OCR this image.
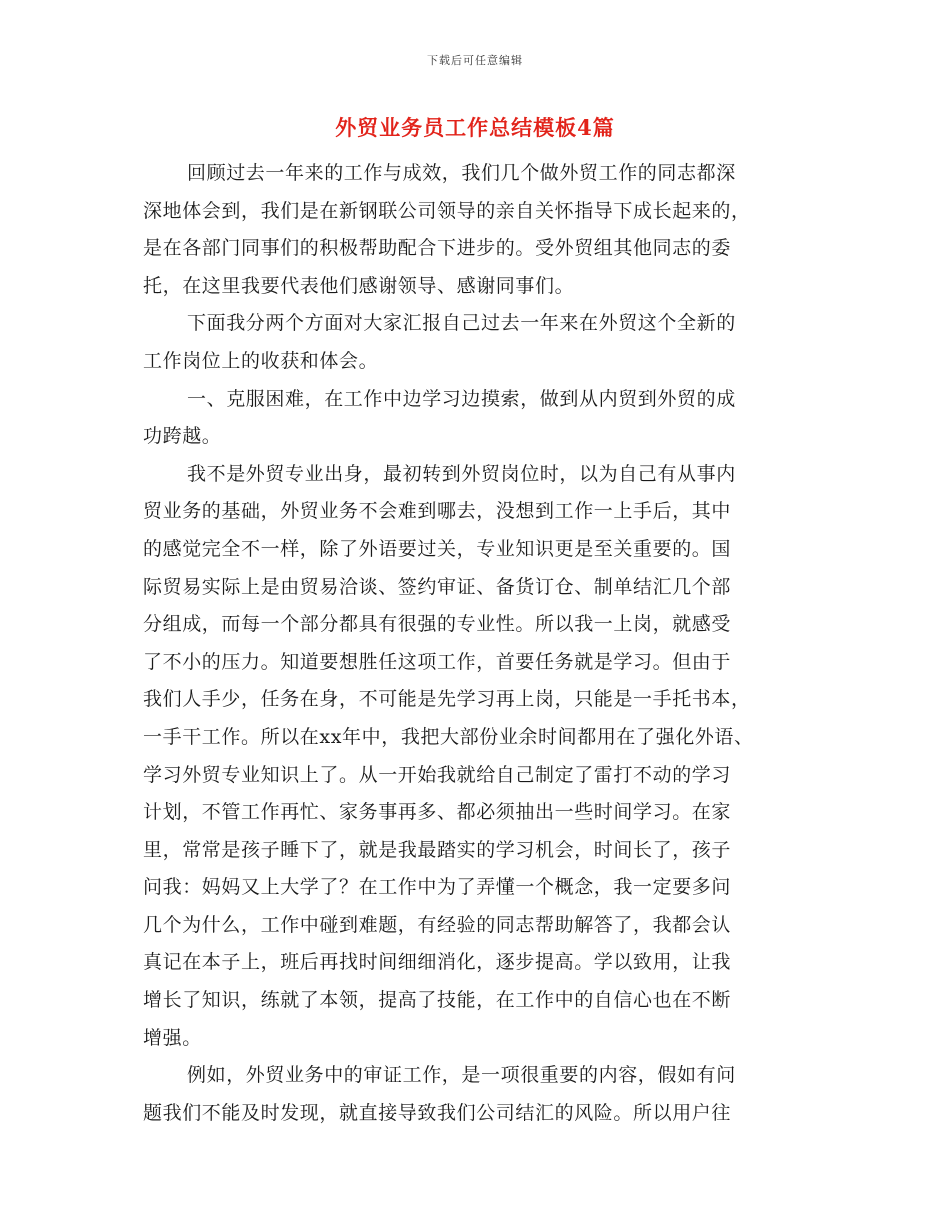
下载后可任意编辑
外贸业务员工作总结模板4篇
回顾过去一年来的工作与成效，我们几个做外贸工作的同志都深
深地体会到，我们是在新钢联公司领导的亲自关怀指导下成长起来的，
是在各部门同事们的积极帮助配合下进步的。受外贸组其他同志的委
托，在这里我要代表他们感谢领导、感谢同事们。
下面我分两个方面对大家汇报自己过去一年来在外贸这个全新的
工作岗位上的收获和体会。
一、克服困难，在工作中边学习边摸索，做到从内贸到外贸的成
功跨越。
我不是外贸专业出身，最初转到外贸岗位时，以为自己有从事内
贸业务的基础，外贸业务不会难到哪去，没想到工作一上手后，其中
的感觉完全不一样，除了外语要过关，专业知识更是至关重要的。国
际贸易实际上是由贸易洽谈、签约审证、备货订仓、制单结汇几个部
分组成，而每一个部分都具有很强的专业性。所以我一上岗，就感受
了不小的压力。知道要想胜任这项工作，首要任务就是学习。但由于
我们人手少，任务在身，不可能是先学习再上岗，只能是一手托书本，
一手干工作。所以在xx年中，我把大部份业余时间都用在了强化外语、
学习外贸专业知识上了。从一开始我就给自己制定了雷打不动的学习
计划，不管工作再忙、家务事再多、都必须抽出一些时间学习。在家
里，常常是孩子睡下了，就是我最踏实的学习机会，时间长了，孩子
问我：妈妈又上大学了？在工作中为了弄懂一个概念，我一定要多问
几个为什么，工作中碰到难题，有经验的同志帮助解答了，我都会认
真记在本子上，班后再找时间细细消化，逐步提高。学以致用，让我
增长了知识，练就了本领，提高了技能，在工作中的自信心也在不断
增强。
例如，外贸业务中的审证工作，是一项很重要的内容，假如有问
题我们不能及时发现，就直接导致我们公司结汇的风险。所以用户往
